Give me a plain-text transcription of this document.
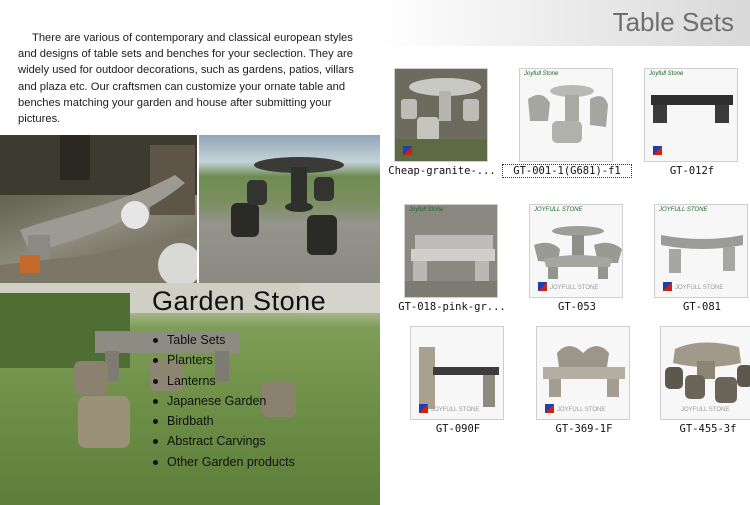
There are various of contemporary and classical european styles and designs of table sets and benches for your seclection. They are widely used for outdoor decorations, such as gardens, patios, villars and plaza etc. Our craftsmen can customize your ornate table and benches matching your garden and house after submitting your pictures.

Garden Stone
Table Sets
Planters
Lanterns
Japanese Garden
Birdbath
Abstract Carvings
Other Garden products
Table Sets
Cheap-granite-...
Joyfull Stone
GT-001-1(G681)-f1
Joyfull Stone
GT-012f
Joyfull Stone
GT-018-pink-gr...
JOYFULL STONE
JOYFULL STONE
GT-053
JOYFULL STONE
JOYFULL STONE
GT-081
JOYFULL STONE
GT-090F
JOYFULL STONE
GT-369-1F
JOYFULL STONE
GT-455-3f
